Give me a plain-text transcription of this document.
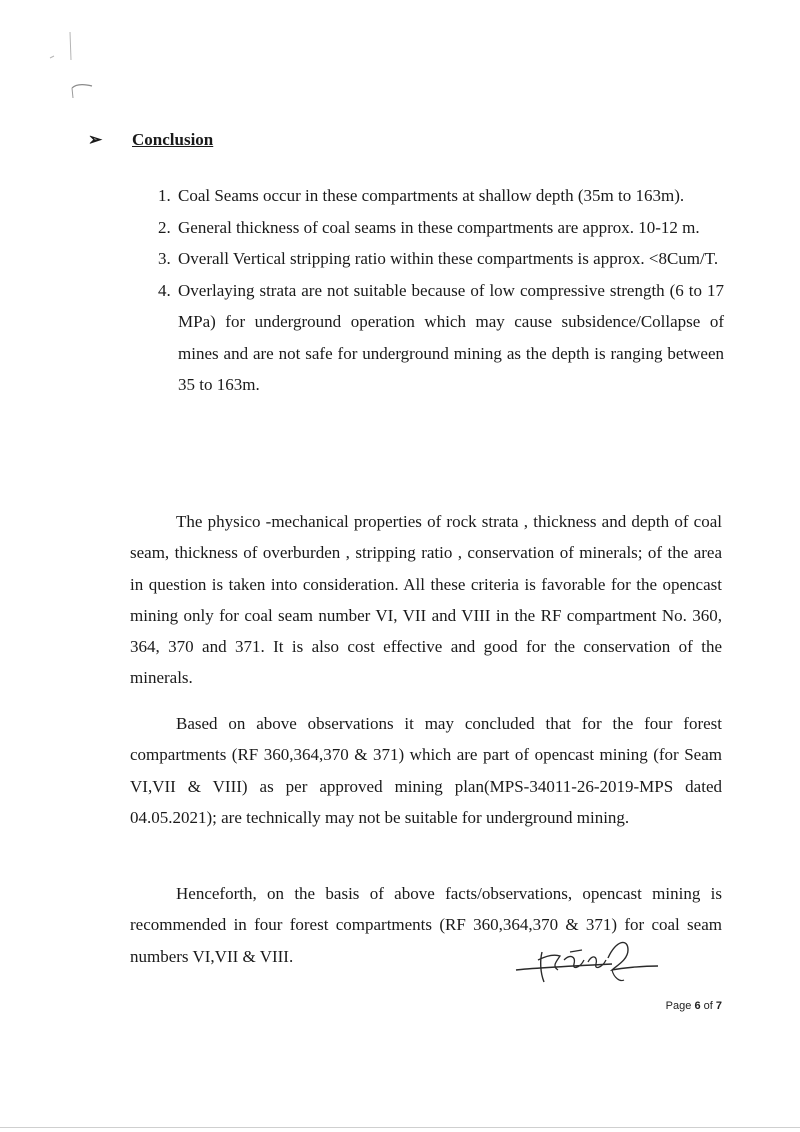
➢ Conclusion
1. Coal Seams occur in these compartments at shallow depth (35m to 163m).
2. General thickness of coal seams in these compartments are approx. 10-12 m.
3. Overall Vertical stripping ratio within these compartments is approx. <8Cum/T.
4. Overlaying strata are not suitable because of low compressive strength (6 to 17 MPa) for underground operation which may cause subsidence/Collapse of mines and are not safe for underground mining as the depth is ranging between 35 to 163m.

The physico -mechanical properties of rock strata , thickness and depth of coal seam, thickness of overburden , stripping ratio , conservation of minerals; of the area in question is taken into consideration. All these criteria is favorable for the opencast mining only for coal seam number VI, VII and VIII in the RF compartment No. 360, 364, 370 and 371. It is also cost effective and good for the conservation of the minerals.

Based on above observations it may concluded that for the four forest compartments (RF 360,364,370 & 371) which are part of opencast mining (for Seam VI,VII & VIII) as per approved mining plan(MPS-34011-26-2019-MPS dated 04.05.2021); are technically may not be suitable for underground mining.

Henceforth, on the basis of above facts/observations, opencast mining is recommended in four forest compartments (RF 360,364,370 & 371) for coal seam numbers VI,VII & VIII.

Page 6 of 7
